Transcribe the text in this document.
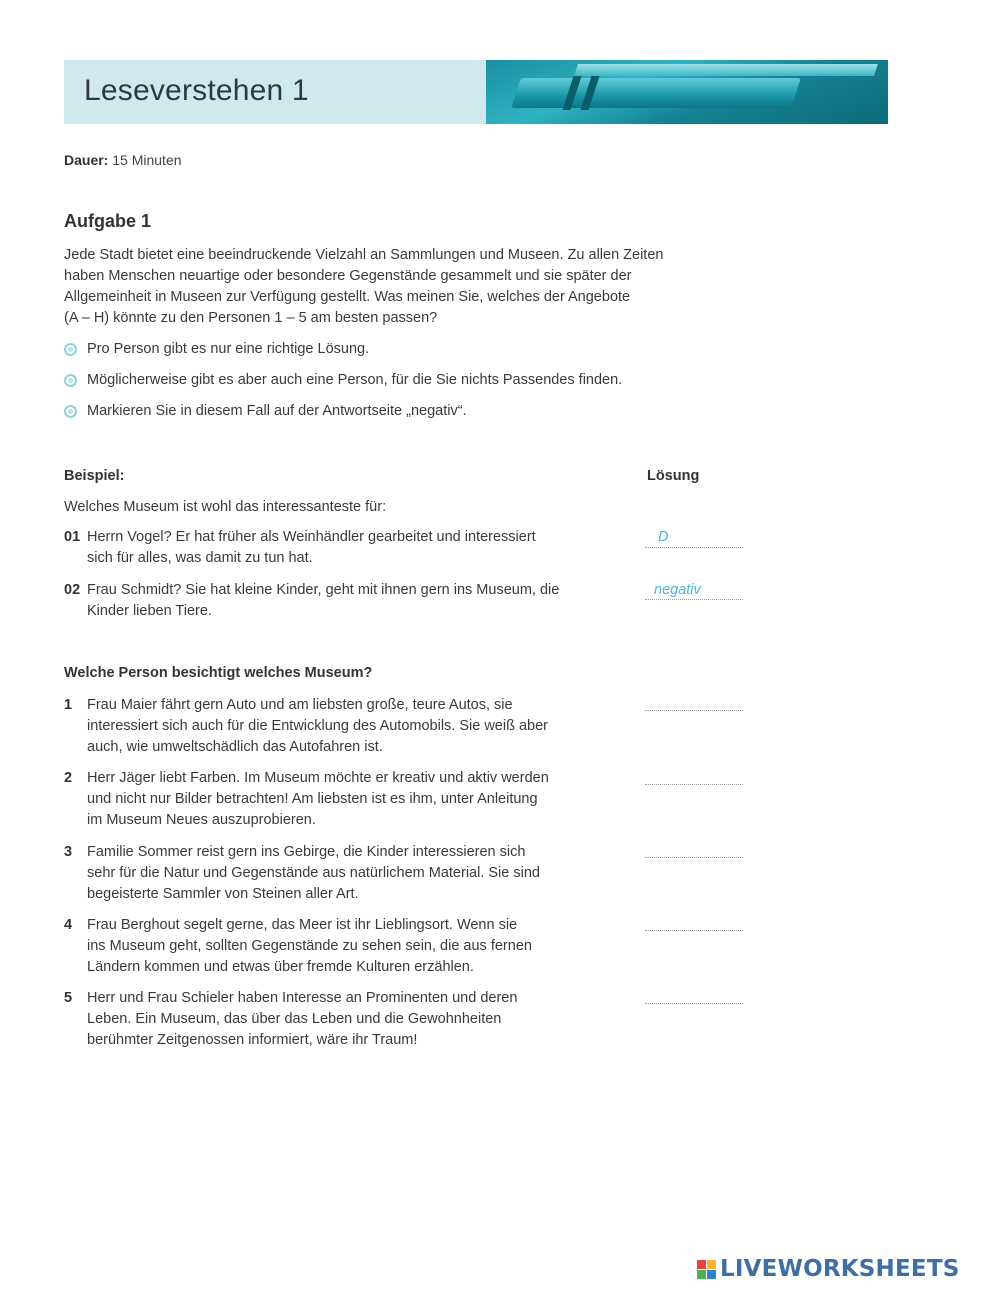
Leseverstehen 1
Dauer: 15 Minuten
Aufgabe 1
Jede Stadt bietet eine beeindruckende Vielzahl an Sammlungen und Museen. Zu allen Zeiten
haben Menschen neuartige oder besondere Gegenstände gesammelt und sie später der
Allgemeinheit in Museen zur Verfügung gestellt. Was meinen Sie, welches der Angebote
(A – H) könnte zu den Personen 1 – 5 am besten passen?
Pro Person gibt es nur eine richtige Lösung.
Möglicherweise gibt es aber auch eine Person, für die Sie nichts Passendes finden.
Markieren Sie in diesem Fall auf der Antwortseite „negativ“.
Beispiel:	Lösung
Welches Museum ist wohl das interessanteste für:
01 Herrn Vogel? Er hat früher als Weinhändler gearbeitet und interessiert
sich für alles, was damit zu tun hat.
D
02 Frau Schmidt? Sie hat kleine Kinder, geht mit ihnen gern ins Museum, die
Kinder lieben Tiere.
negativ
Welche Person besichtigt welches Museum?
1 Frau Maier fährt gern Auto und am liebsten große, teure Autos, sie
interessiert sich auch für die Entwicklung des Automobils. Sie weiß aber
auch, wie umweltschädlich das Autofahren ist.
2 Herr Jäger liebt Farben. Im Museum möchte er kreativ und aktiv werden
und nicht nur Bilder betrachten! Am liebsten ist es ihm, unter Anleitung
im Museum Neues auszuprobieren.
3 Familie Sommer reist gern ins Gebirge, die Kinder interessieren sich
sehr für die Natur und Gegenstände aus natürlichem Material. Sie sind
begeisterte Sammler von Steinen aller Art.
4 Frau Berghout segelt gerne, das Meer ist ihr Lieblingsort. Wenn sie
ins Museum geht, sollten Gegenstände zu sehen sein, die aus fernen
Ländern kommen und etwas über fremde Kulturen erzählen.
5 Herr und Frau Schieler haben Interesse an Prominenten und deren
Leben. Ein Museum, das über das Leben und die Gewohnheiten
berühmter Zeitgenossen informiert, wäre ihr Traum!
LIVEWORKSHEETS
